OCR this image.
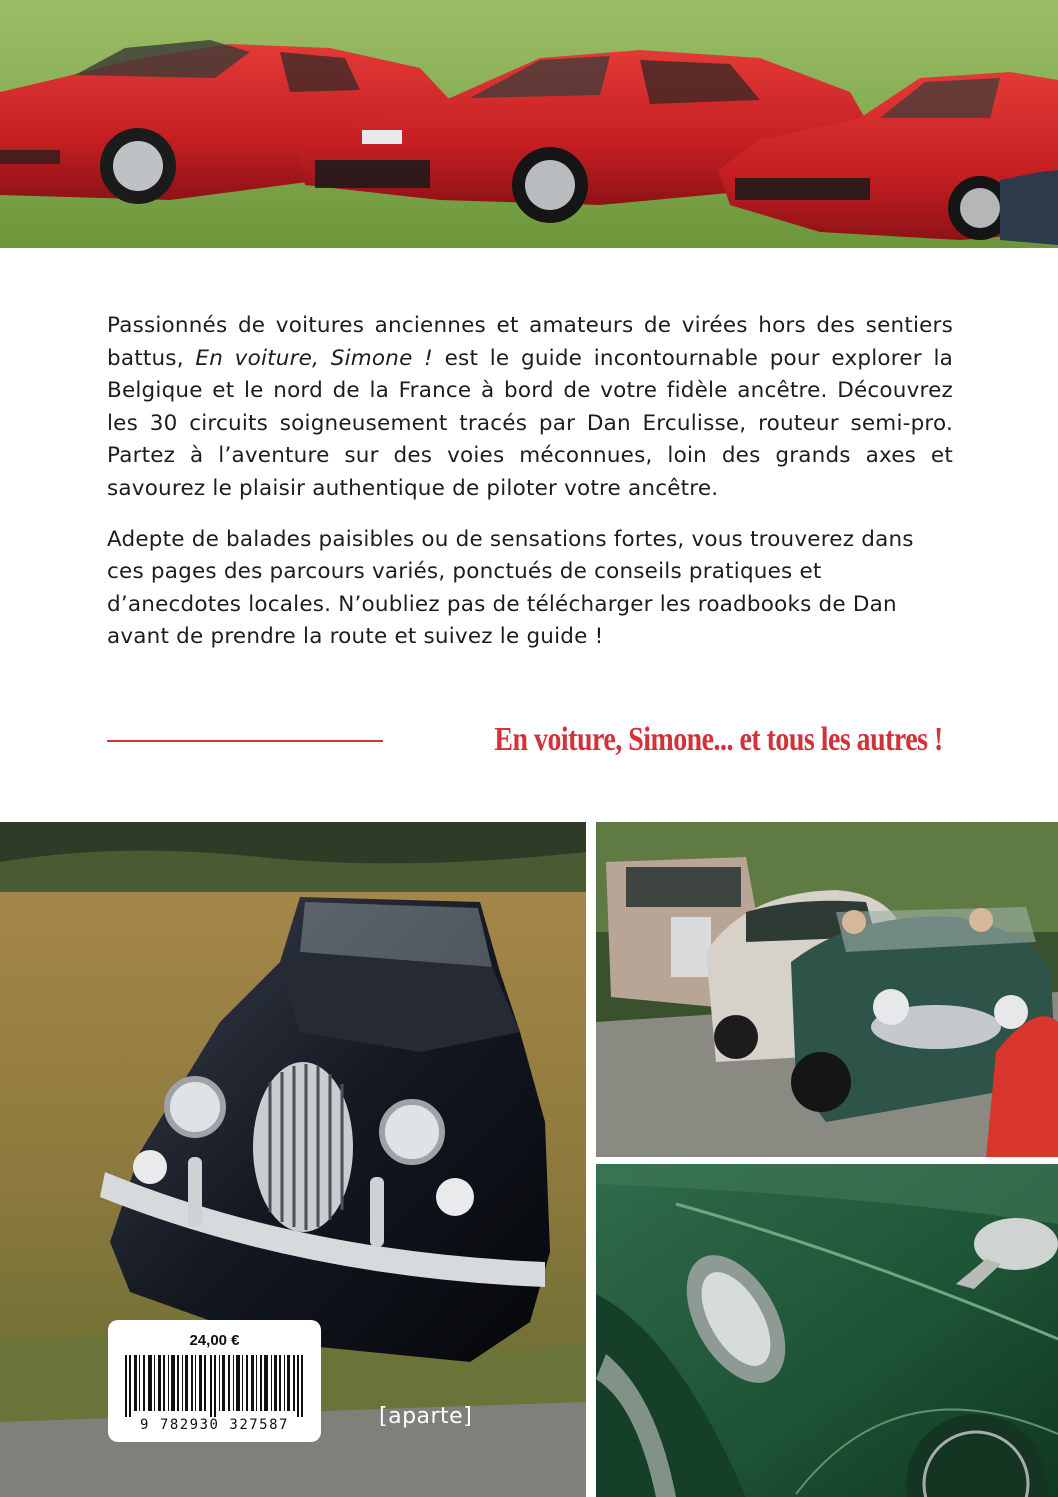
Passionnés de voitures anciennes et amateurs de virées hors des sentiers battus, En voiture, Simone ! est le guide incontournable pour explorer la Belgique et le nord de la France à bord de votre fidèle ancêtre. Découvrez les 30 circuits soigneusement tracés par Dan Erculisse, routeur semi-pro. Partez à l’aventure sur des voies méconnues, loin des grands axes et savourez le plaisir authentique de piloter votre ancêtre.

Adepte de balades paisibles ou de sensations fortes, vous trouverez dans ces pages des parcours variés, ponctués de conseils pratiques et d’anecdotes locales. N’oubliez pas de télécharger les roadbooks de Dan avant de prendre la route et suivez le guide !

En voiture, Simone... et tous les autres !
24,00 €
9 782930 327587	[aparte]
